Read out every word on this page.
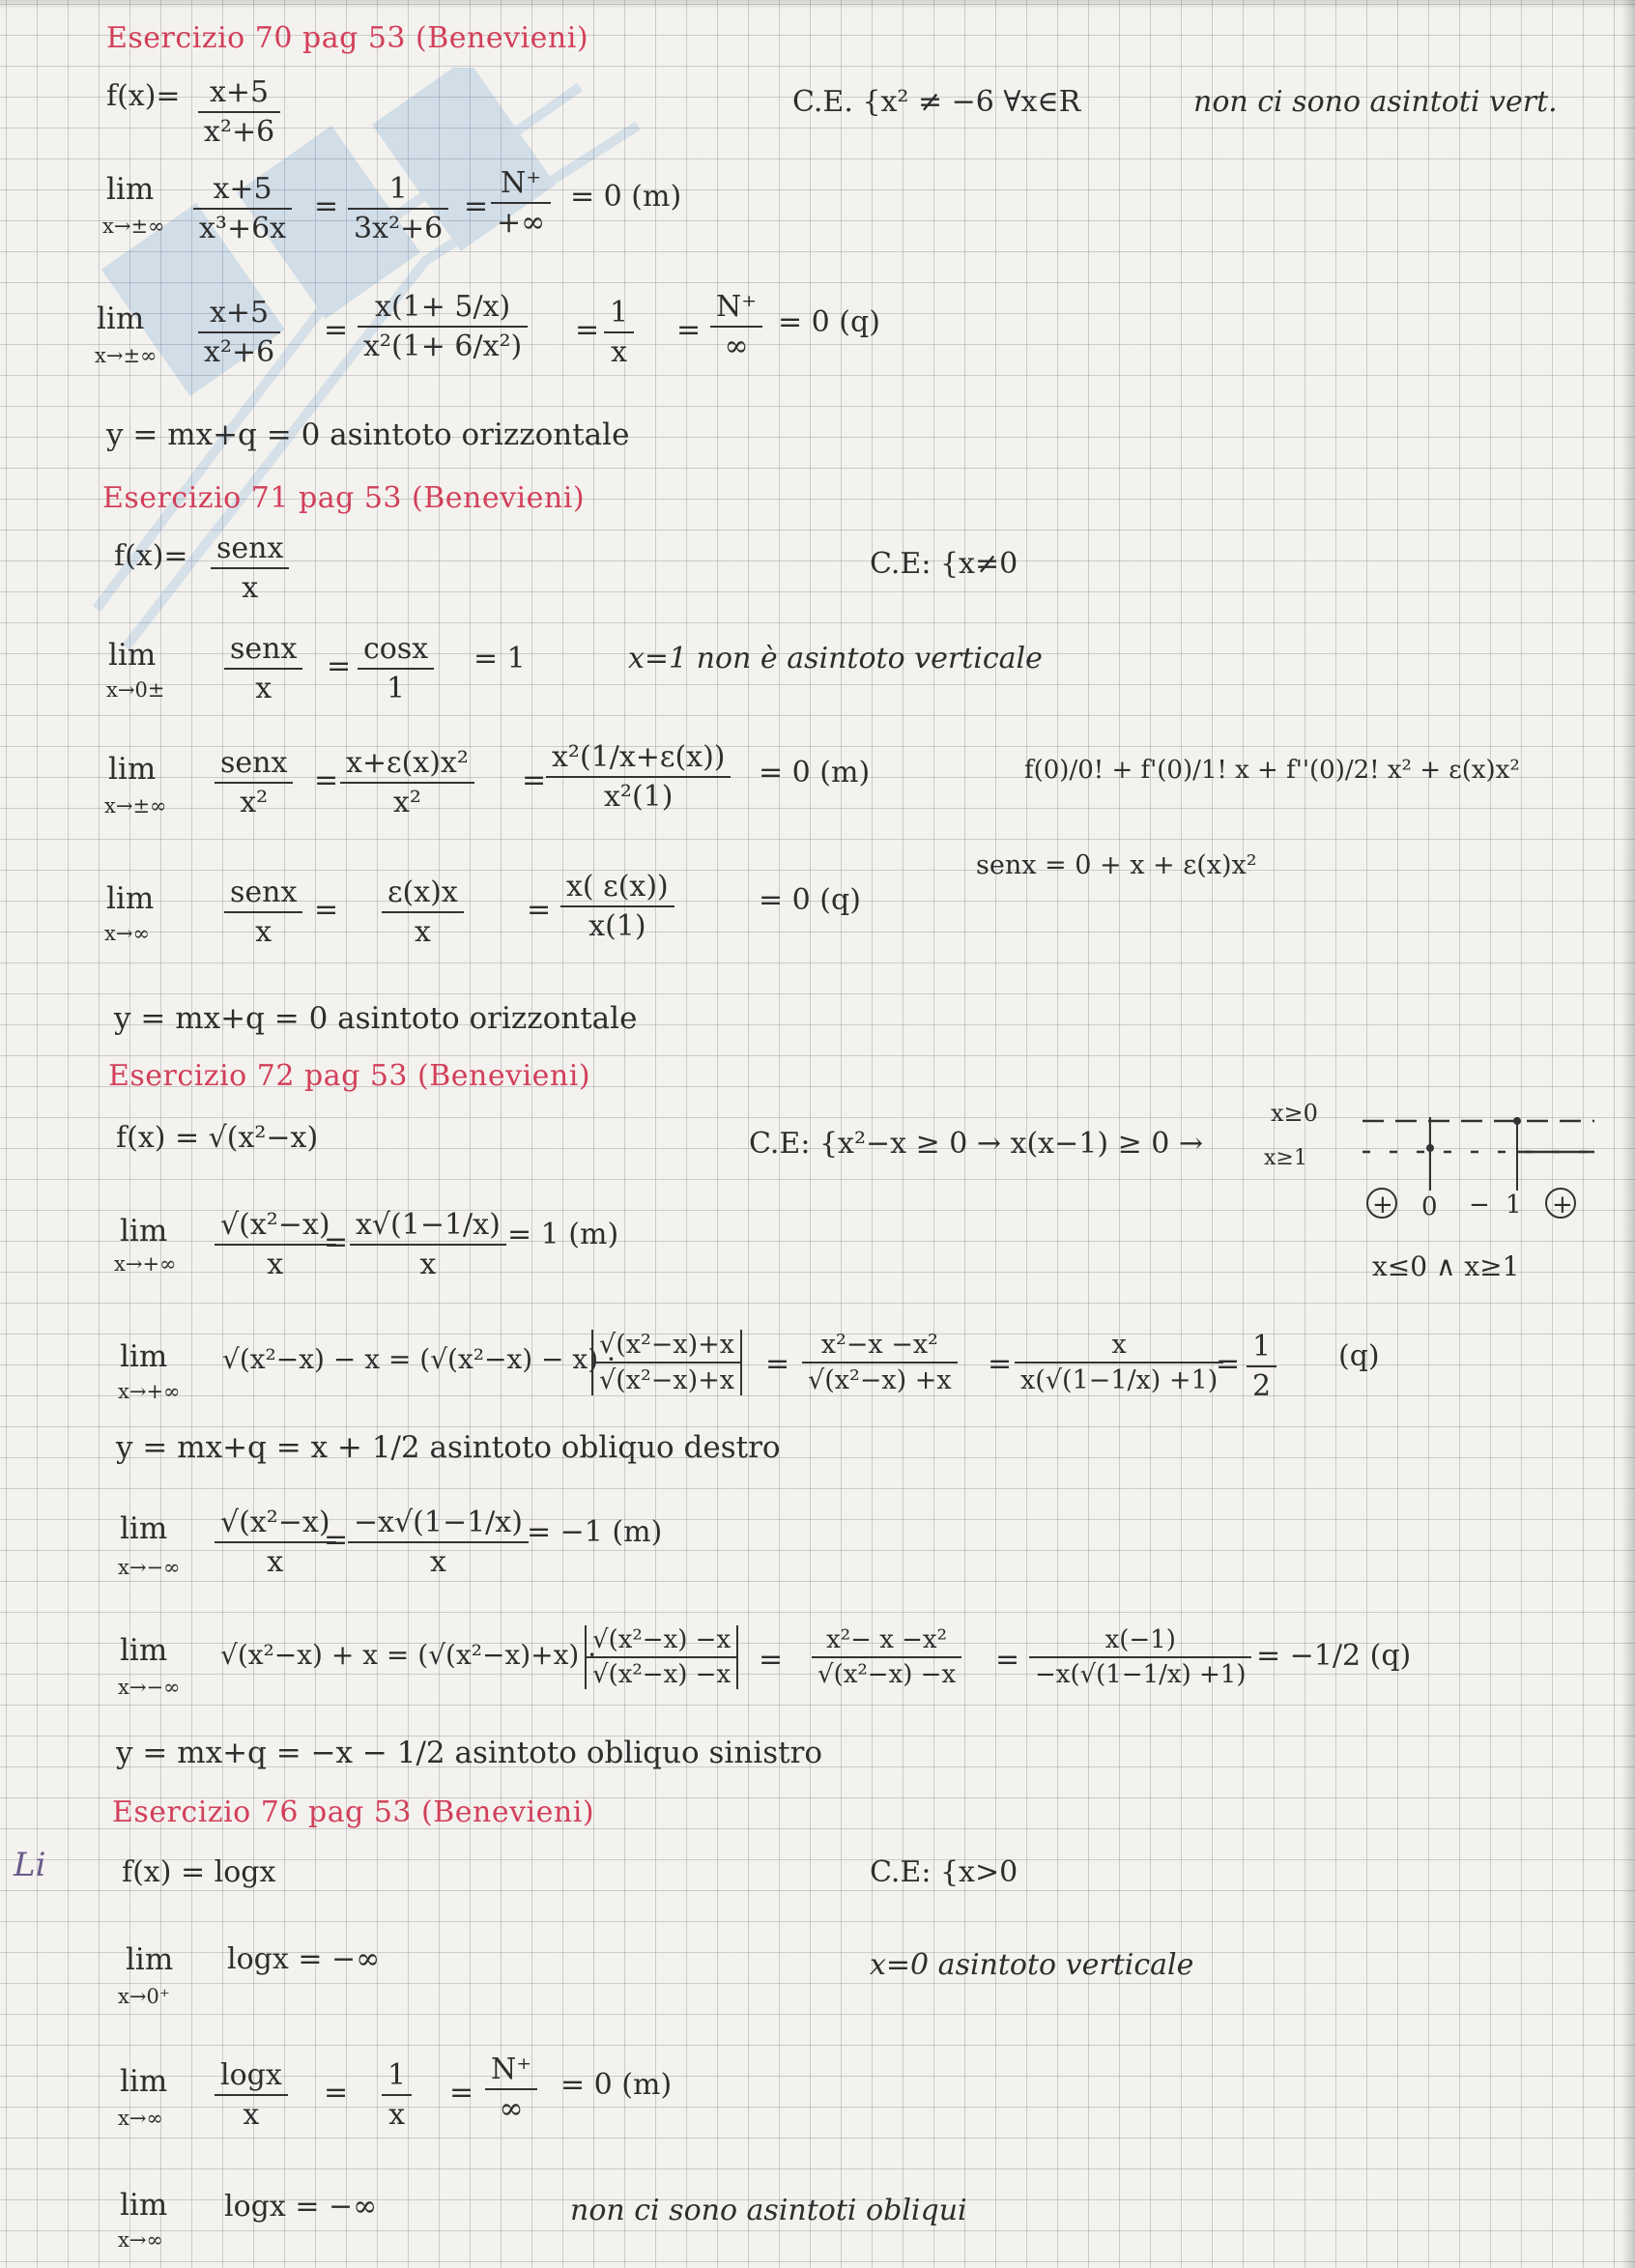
Li
Esercizio 70 pag 53 (Benevieni)
$f(x)= \frac{x+5}{\text{x²+6}}$	C.E. {x² ≠ −6 ∀x∈R	non ci sono asintoti vert.
lim
$x\to\pm\infty \frac{x+5}{\text{x³+6x}} = \frac{1}{\text{3x²+6}}$ =
N⁺
+∞
= 0 (m)
lim
$x\to\pm\infty \frac{x+5}{\text{x²+6}} = \frac{x(1+ 5/x)}{\text{x²(1+ 6/x²)}} = \frac{1}{x}$ =
N⁺
∞
= 0 (q)
y = mx+q = 0 asintoto orizzontale
Esercizio 71 pag 53 (Benevieni)
f(x)= senx
x
C.E: {x≠0
lim
x→0±
senx
x
= $\frac{\cos x}{1} = 1$	x=1 non è asintoto verticale
lim
x→±∞
senx
x²
= $\frac{\text{x+ε(x)x²}}{\text{x²}} = \frac{\text{x²(1/x+ε(x))}}{\text{x²(1)}} = 0$ (m)	f(0)/0! + f'(0)/1! x + f''(0)/2! x² + ε(x)x²
senx = 0 + x + ε(x)x²
lim
x→∞
senx
x
= $\frac{\varepsilon(x)x}{x} = \frac{x( \varepsilon(x))}{x(1)}$	= 0 (q)
y = mx+q = 0 asintoto orizzontale
Esercizio 72 pag 53 (Benevieni)
f(x) = √(x²−x)	C.E: {x²−x ≥ 0 → x(x−1) ≥ 0 →
x≥0
x≥1
+ 0 − 1 +
x≤0 ∧ x≥1
lim
$x\to+\infty \frac{\text{√(x²−x)}}{x}$
= $\frac{x√(1-1/x)}{x} = 1$ (m)
lim
x→+∞
√(x²−x) − x = (√(x²−x) − x) ·
$\frac{\text{√(x²−x)+x}}{\text{√(x²−x)+x}} = \frac{\text{x²−x −x²}}{\text{√(x²−x) +x}} = \frac{x}{x(√(1-1/x) +1)}$
= $\frac{1}{2} (q)$
y = mx+q = x + 1/2 asintoto obliquo destro
lim
$x\to-\infty \frac{\text{√(x²−x)}}{x}$
= $\frac{-x√(1-1/x)}{x}$
= −1 (m)
lim
x→−∞
√(x²−x) + x = (√(x²−x)+x) ·
$\frac{\text{√(x²−x) −x}}{\text{√(x²−x) −x}} = \frac{\text{x²− x −x²}}{\text{√(x²−x) −x}} = \frac{x(-1)}{-x(√(1-1/x) +1)} = -1/2$ (q)
y = mx+q = −x − 1/2 asintoto obliquo sinistro
Esercizio 76 pag 53 (Benevieni)
f(x) = logx	C.E: {x>0
lim
x→0⁺
logx = −∞	x=0 asintoto verticale
lim
$x\to\infty \frac{\log x}{x} = \frac{1}{x}$ =
N⁺
∞
= 0 (m)
lim
x→∞
logx = −∞	non ci sono asintoti obliqui
